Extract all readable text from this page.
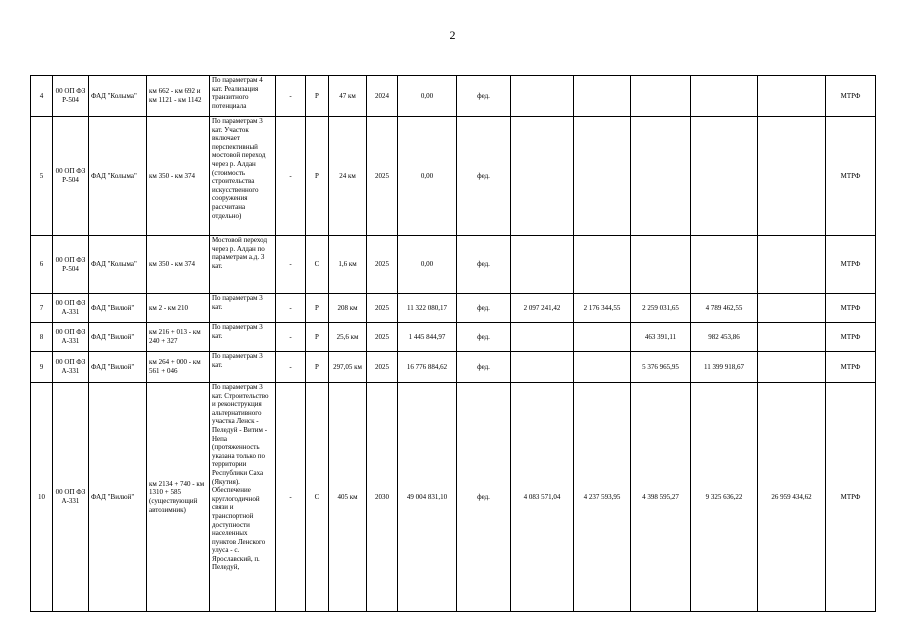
2
4	00 ОП ФЗ Р-504	ФАД "Колыма"	км 662 - км 692 и км 1121 - км 1142	По параметрам 4 кат. Реализация транзитного потенциала	-	Р	47 км	2024	0,00	фед.						МТРФ
5	00 ОП ФЗ Р-504	ФАД "Колыма"	км 350 - км 374	По параметрам 3 кат. Участок включает перспективный мостовой переход через р. Алдан (стоимость строительства искусственного сооружения рассчитана отдельно)	-	Р	24 км	2025	0,00	фед.						МТРФ
6	00 ОП ФЗ Р-504	ФАД "Колыма"	км 350 - км 374	Мостовой переход через р. Алдан по параметрам а.д. 3 кат.	-	С	1,6 км	2025	0,00	фед.						МТРФ
7	00 ОП ФЗ А-331	ФАД "Вилюй"	км 2 - км 210	По параметрам 3 кат.	-	Р	208 км	2025	11 322 080,17	фед.	2 097 241,42	2 176 344,55	2 259 031,65	4 789 462,55		МТРФ
8	00 ОП ФЗ А-331	ФАД "Вилюй"	км 216 + 013 - км 240 + 327	По параметрам 3 кат.	-	Р	25,6 км	2025	1 445 844,97	фед.			463 391,11	982 453,86		МТРФ
9	00 ОП ФЗ А-331	ФАД "Вилюй"	км 264 + 000 - км 561 + 046	По параметрам 3 кат.	-	Р	297,05 км	2025	16 776 884,62	фед.			5 376 965,95	11 399 918,67		МТРФ
10	00 ОП ФЗ А-331	ФАД "Вилюй"	км 2134 + 740 - км 1310 + 585 (существующий автозимник)	По параметрам 3 кат. Строительство и реконструкция альтернативного участка Ленск - Пеледуй - Витим - Непа (протяженность указана только по территории Республики Саха (Якутия). Обеспечение круглогодичной связи и транспортной доступности населенных пунктов Ленского улуса - с. Ярославский, п. Пеледуй,	-	С	405 км	2030	49 004 831,10	фед.	4 083 571,04	4 237 593,95	4 398 595,27	9 325 636,22	26 959 434,62	МТРФ
